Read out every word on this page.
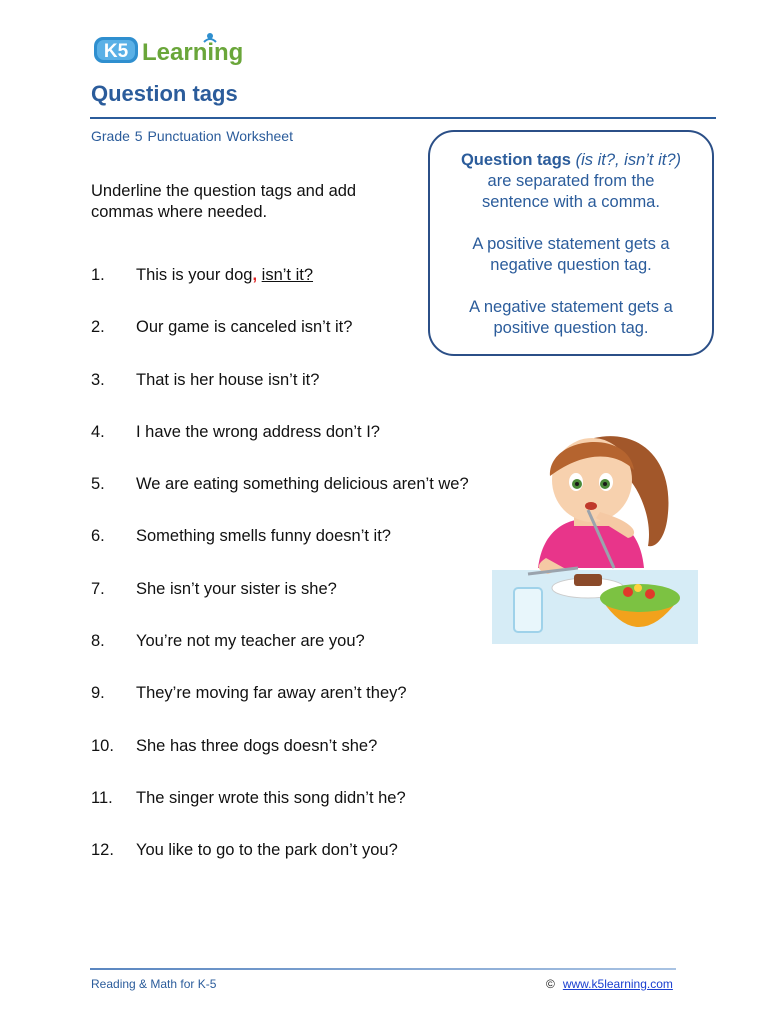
K5 Learning
Question tags
Grade 5 Punctuation Worksheet
Underline the question tags and add commas where needed.
1. This is your dog, isn’t it?
2. Our game is canceled isn’t it?
3. That is her house isn’t it?
4. I have the wrong address don’t I?
5. We are eating something delicious aren’t we?
6. Something smells funny doesn’t it?
7. She isn’t your sister is she?
8. You’re not my teacher are you?
9. They’re moving far away aren’t they?
10. She has three dogs doesn’t she?
11. The singer wrote this song didn’t he?
12. You like to go to the park don’t you?

Question tags (is it?, isn’t it?)
are separated from the sentence with a comma.

A positive statement gets a negative question tag.

A negative statement gets a positive question tag.

Reading & Math for K-5	© www.k5learning.com
